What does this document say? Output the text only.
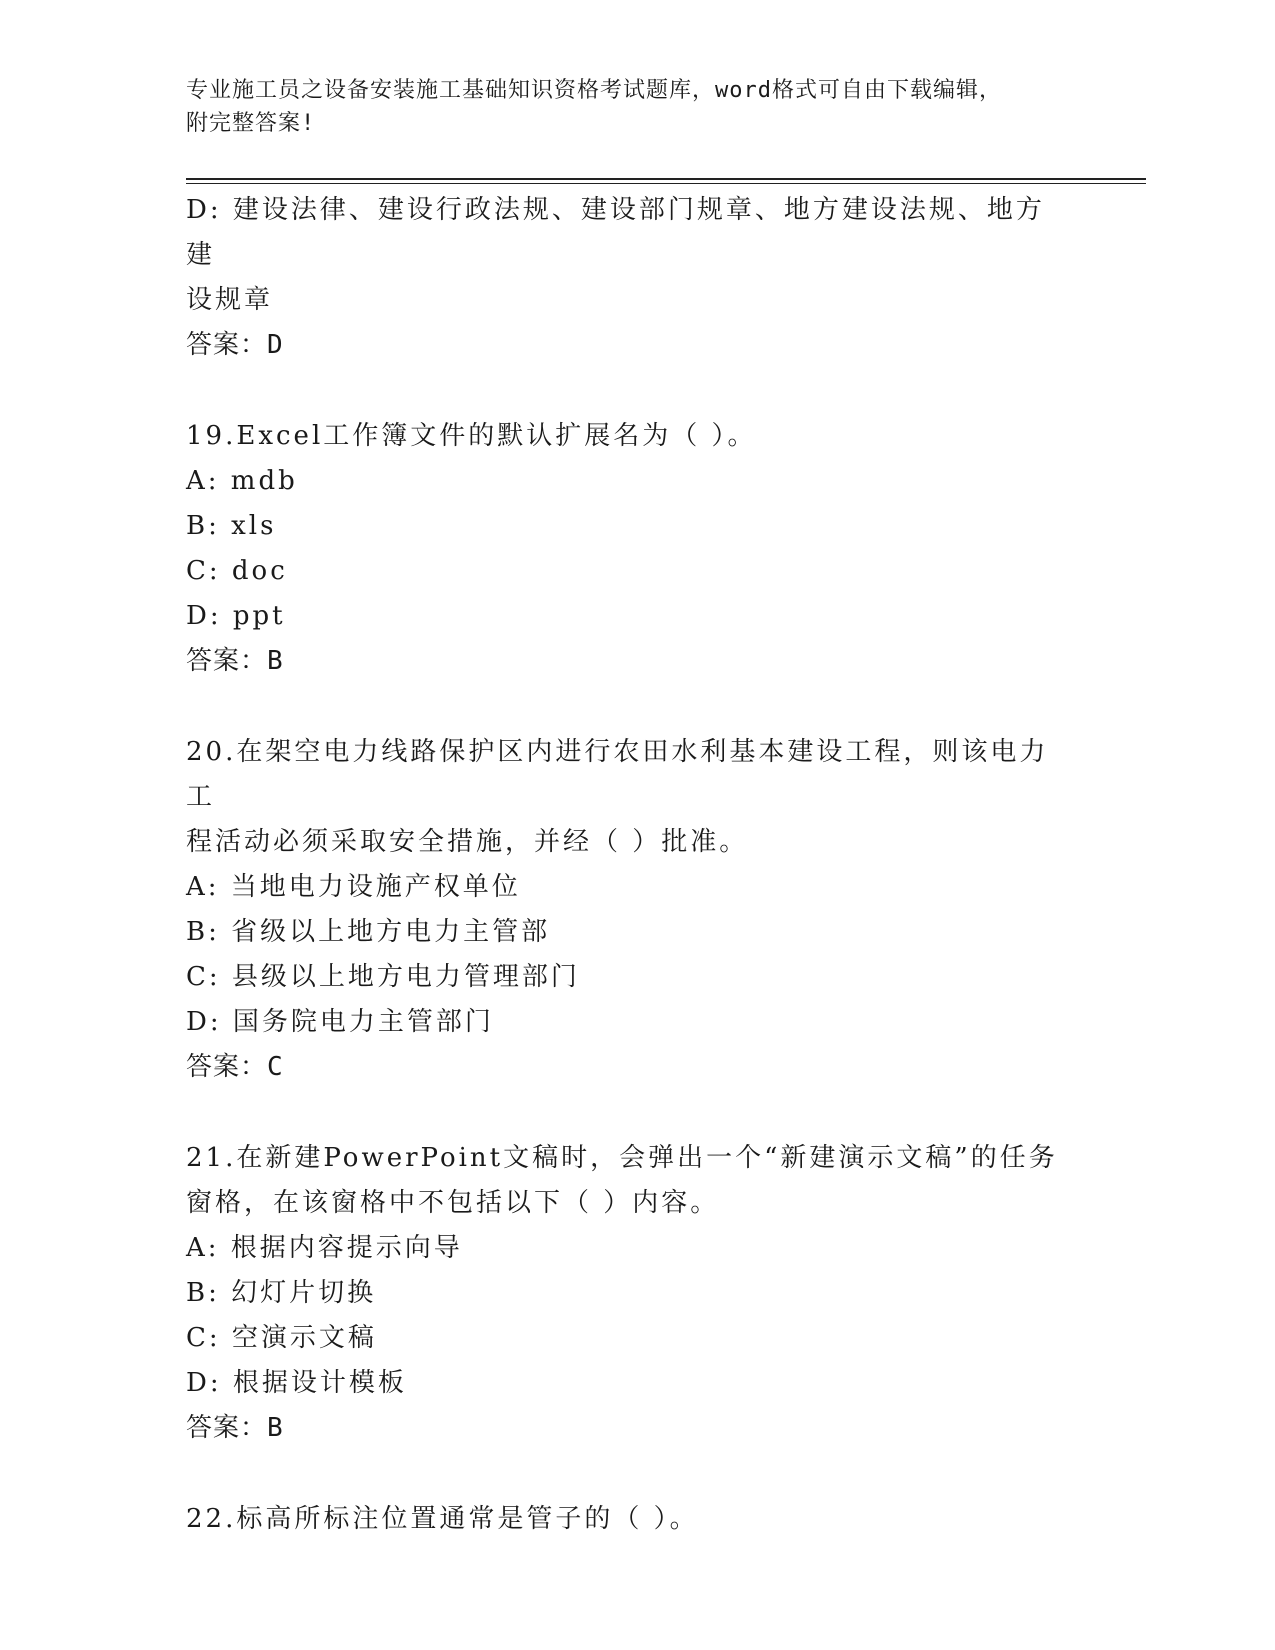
专业施工员之设备安装施工基础知识资格考试题库，word格式可自由下载编辑，
附完整答案!
D: 建设法律、建设行政法规、建设部门规章、地方建设法规、地方建
设规章
答案：D
19.Excel工作簿文件的默认扩展名为（ ）。
A: mdb
B: xls
C: doc
D: ppt
答案：B
20.在架空电力线路保护区内进行农田水利基本建设工程，则该电力工
程活动必须采取安全措施，并经（ ）批准。
A: 当地电力设施产权单位
B: 省级以上地方电力主管部
C: 县级以上地方电力管理部门
D: 国务院电力主管部门
答案：C
21.在新建PowerPoint文稿时，会弹出一个“新建演示文稿”的任务
窗格，在该窗格中不包括以下（ ）内容。
A: 根据内容提示向导
B: 幻灯片切换
C: 空演示文稿
D: 根据设计模板
答案：B
22.标高所标注位置通常是管子的（ ）。
